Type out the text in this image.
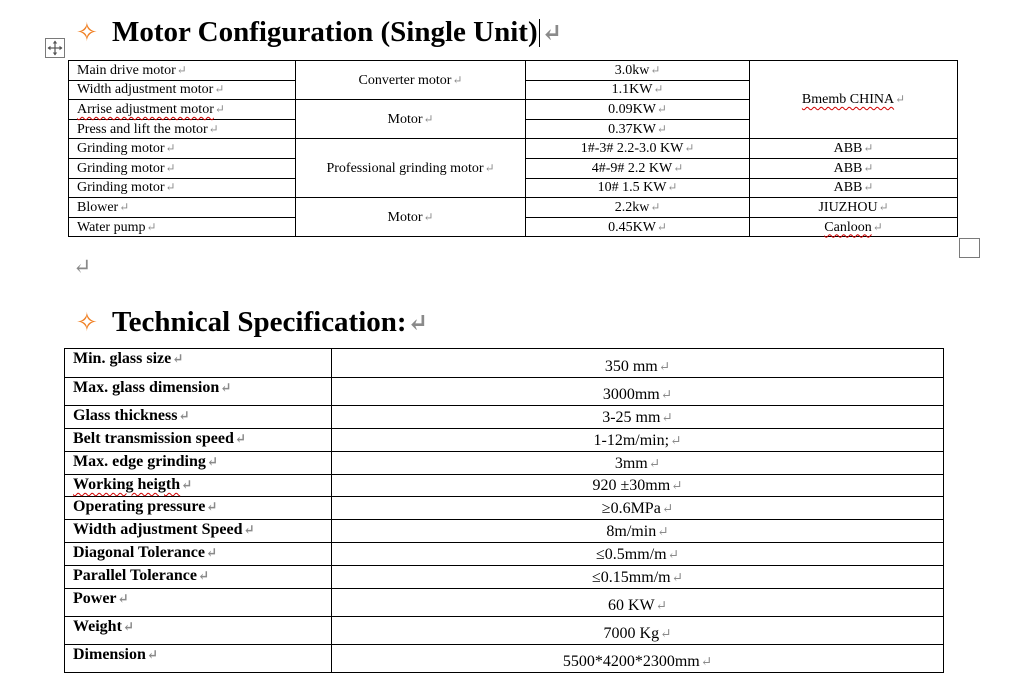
✧ Motor Configuration (Single Unit) ↵
Main drive motor↵	Converter motor↵	3.0kw↵	Bmemb CHINA↵
Width adjustment motor↵		1.1KW↵	
Arrise adjustment motor↵	Motor↵	0.09KW↵	
Press and lift the motor↵		0.37KW↵	
Grinding motor↵	Professional grinding motor↵	1#-3# 2.2-3.0 KW↵	ABB↵
Grinding motor↵		4#-9# 2.2 KW↵	ABB↵
Grinding motor↵		10# 1.5 KW↵	ABB↵
Blower↵	Motor↵	2.2kw↵	JIUZHOU↵
Water pump↵		0.45KW↵	Canloon↵
↵
✧ Technical Specification: ↵
Min. glass size↵	350 mm↵
Max. glass dimension↵	3000mm↵
Glass thickness↵	3-25 mm↵
Belt transmission speed↵	1-12m/min;↵
Max. edge grinding↵	3mm↵
Working heigth↵	920 ±30mm↵
Operating pressure↵	≥0.6MPa↵
Width adjustment Speed↵	8m/min↵
Diagonal Tolerance↵	≤0.5mm/m↵
Parallel Tolerance↵	≤0.15mm/m↵
Power↵	60 KW↵
Weight↵	7000 Kg↵
Dimension↵	5500*4200*2300mm↵
